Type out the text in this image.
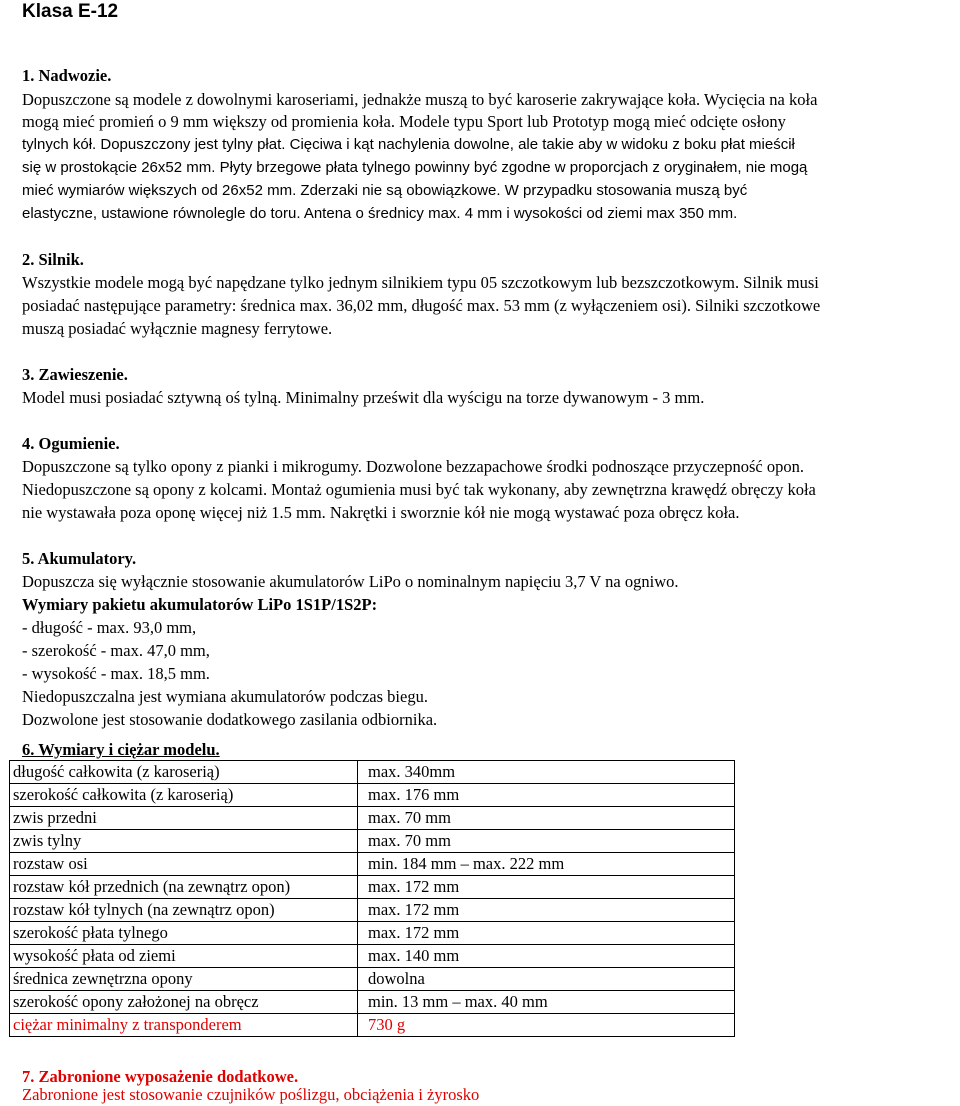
Klasa E-12
1. Nadwozie.
Dopuszczone są modele z dowolnymi karoseriami, jednakże muszą to być karoserie zakrywające koła. Wycięcia na koła
mogą mieć promień o 9 mm większy od promienia koła. Modele typu Sport lub Prototyp mogą mieć odcięte osłony
tylnych kół. Dopuszczony jest tylny płat. Cięciwa i kąt nachylenia dowolne, ale takie aby w widoku z boku płat mieścił
się w prostokącie 26x52 mm. Płyty brzegowe płata tylnego powinny być zgodne w proporcjach z oryginałem, nie mogą
mieć wymiarów większych od 26x52 mm. Zderzaki nie są obowiązkowe. W przypadku stosowania muszą być
elastyczne, ustawione równolegle do toru. Antena o średnicy max. 4 mm i wysokości od ziemi max 350 mm.
2. Silnik.
Wszystkie modele mogą być napędzane tylko jednym silnikiem typu 05 szczotkowym lub bezszczotkowym. Silnik musi
posiadać następujące parametry: średnica max. 36,02 mm, długość max. 53 mm (z wyłączeniem osi). Silniki szczotkowe
muszą posiadać wyłącznie magnesy ferrytowe.
3. Zawieszenie.
Model musi posiadać sztywną oś tylną. Minimalny prześwit dla wyścigu na torze dywanowym - 3 mm.
4. Ogumienie.
Dopuszczone są tylko opony z pianki i mikrogumy. Dozwolone bezzapachowe środki podnoszące przyczepność opon.
Niedopuszczone są opony z kolcami. Montaż ogumienia musi być tak wykonany, aby zewnętrzna krawędź obręczy koła
nie wystawała poza oponę więcej niż 1.5 mm. Nakrętki i sworznie kół nie mogą wystawać poza obręcz koła.
5. Akumulatory.
Dopuszcza się wyłącznie stosowanie akumulatorów LiPo o nominalnym napięciu 3,7 V na ogniwo.
Wymiary pakietu akumulatorów LiPo 1S1P/1S2P:
- długość - max. 93,0 mm,
- szerokość - max. 47,0 mm,
- wysokość - max. 18,5 mm.
Niedopuszczalna jest wymiana akumulatorów podczas biegu.
Dozwolone jest stosowanie dodatkowego zasilania odbiornika.
6. Wymiary i ciężar modelu.
długość całkowita (z karoserią)	max. 340mm
szerokość całkowita (z karoserią)	max. 176 mm
zwis przedni	max. 70 mm
zwis tylny	max. 70 mm
rozstaw osi	min. 184 mm – max. 222 mm
rozstaw kół przednich (na zewnątrz opon)	max. 172 mm
rozstaw kół tylnych (na zewnątrz opon)	max. 172 mm
szerokość płata tylnego	max. 172 mm
wysokość płata od ziemi	max. 140 mm
średnica zewnętrzna opony	dowolna
szerokość opony założonej na obręcz	min. 13 mm – max. 40 mm
ciężar minimalny z transponderem	730 g
7. Zabronione wyposażenie dodatkowe.
Zabronione jest stosowanie czujników poślizgu, obciążenia i żyrosko
